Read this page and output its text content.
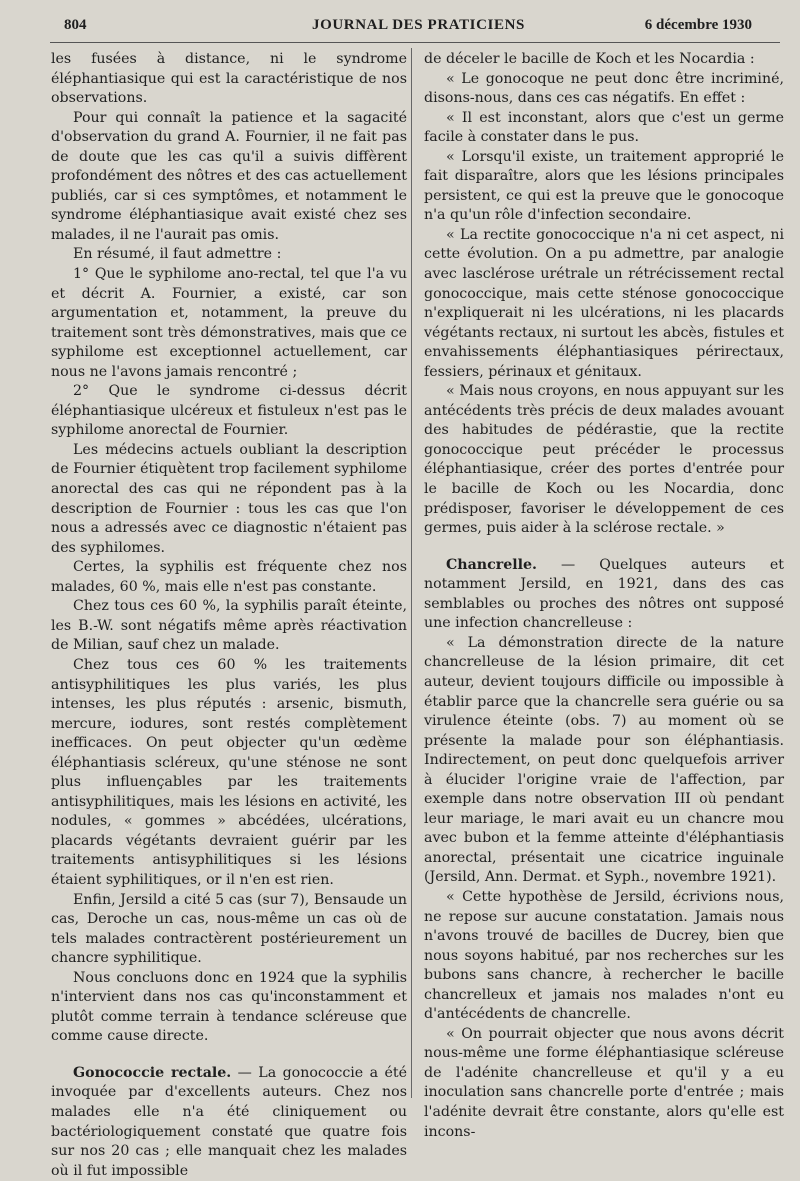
804	JOURNAL DES PRATICIENS	6 décembre 1930

les fusées à distance, ni le syndrome éléphantiasique qui est la caractéristique de nos observations.

Pour qui connaît la patience et la sagacité d'observation du grand A. Fournier, il ne fait pas de doute que les cas qu'il a suivis diffèrent profondément des nôtres et des cas actuellement publiés, car si ces symptômes, et notamment le syndrome éléphantiasique avait existé chez ses malades, il ne l'aurait pas omis.

En résumé, il faut admettre :

1° Que le syphilome ano-rectal, tel que l'a vu et décrit A. Fournier, a existé, car son argumentation et, notamment, la preuve du traitement sont très démonstratives, mais que ce syphilome est exceptionnel actuellement, car nous ne l'avons jamais rencontré ;

2° Que le syndrome ci-dessus décrit éléphantiasique ulcéreux et fistuleux n'est pas le syphilome anorectal de Fournier.

Les médecins actuels oubliant la description de Fournier étiquètent trop facilement syphilome anorectal des cas qui ne répondent pas à la description de Fournier : tous les cas que l'on nous a adressés avec ce diagnostic n'étaient pas des syphilomes.

Certes, la syphilis est fréquente chez nos malades, 60 %, mais elle n'est pas constante.

Chez tous ces 60 %, la syphilis paraît éteinte, les B.-W. sont négatifs même après réactivation de Milian, sauf chez un malade.

Chez tous ces 60 % les traitements antisyphilitiques les plus variés, les plus intenses, les plus réputés : arsenic, bismuth, mercure, iodures, sont restés complètement inefficaces. On peut objecter qu'un œdème éléphantiasis scléreux, qu'une sténose ne sont plus influençables par les traitements antisyphilitiques, mais les lésions en activité, les nodules, « gommes » abcédées, ulcérations, placards végétants devraient guérir par les traitements antisyphilitiques si les lésions étaient syphilitiques, or il n'en est rien.

Enfin, Jersild a cité 5 cas (sur 7), Bensaude un cas, Deroche un cas, nous-même un cas où de tels malades contractèrent postérieurement un chancre syphilitique.

Nous concluons donc en 1924 que la syphilis n'intervient dans nos cas qu'inconstamment et plutôt comme terrain à tendance scléreuse que comme cause directe.

Gonococcie rectale. — La gonococcie a été invoquée par d'excellents auteurs. Chez nos malades elle n'a été cliniquement ou bactériologiquement constaté que quatre fois sur nos 20 cas ; elle manquait chez les malades où il fut impossible

de déceler le bacille de Koch et les Nocardia :

« Le gonocoque ne peut donc être incriminé, disons-nous, dans ces cas négatifs. En effet :

« Il est inconstant, alors que c'est un germe facile à constater dans le pus.

« Lorsqu'il existe, un traitement approprié le fait disparaître, alors que les lésions principales persistent, ce qui est la preuve que le gonocoque n'a qu'un rôle d'infection secondaire.

« La rectite gonococcique n'a ni cet aspect, ni cette évolution. On a pu admettre, par analogie avec lasclérose urétrale un rétrécissement rectal gonococcique, mais cette sténose gonococcique n'expliquerait ni les ulcérations, ni les placards végétants rectaux, ni surtout les abcès, fistules et envahissements éléphantiasiques périrectaux, fessiers, périnaux et génitaux.

« Mais nous croyons, en nous appuyant sur les antécédents très précis de deux malades avouant des habitudes de pédérastie, que la rectite gonococcique peut précéder le processus éléphantiasique, créer des portes d'entrée pour le bacille de Koch ou les Nocardia, donc prédisposer, favoriser le développement de ces germes, puis aider à la sclérose rectale. »

Chancrelle. — Quelques auteurs et notamment Jersild, en 1921, dans des cas semblables ou proches des nôtres ont supposé une infection chancrelleuse :

« La démonstration directe de la nature chancrelleuse de la lésion primaire, dit cet auteur, devient toujours difficile ou impossible à établir parce que la chancrelle sera guérie ou sa virulence éteinte (obs. 7) au moment où se présente la malade pour son éléphantiasis. Indirectement, on peut donc quelquefois arriver à élucider l'origine vraie de l'affection, par exemple dans notre observation III où pendant leur mariage, le mari avait eu un chancre mou avec bubon et la femme atteinte d'éléphantiasis anorectal, présentait une cicatrice inguinale (Jersild, Ann. Dermat. et Syph., novembre 1921).

« Cette hypothèse de Jersild, écrivions nous, ne repose sur aucune constatation. Jamais nous n'avons trouvé de bacilles de Ducrey, bien que nous soyons habitué, par nos recherches sur les bubons sans chancre, à rechercher le bacille chancrelleux et jamais nos malades n'ont eu d'antécédents de chancrelle.

« On pourrait objecter que nous avons décrit nous-même une forme éléphantiasique scléreuse de l'adénite chancrelleuse et qu'il y a eu inoculation sans chancrelle porte d'entrée ; mais l'adénite devrait être constante, alors qu'elle est incons-
